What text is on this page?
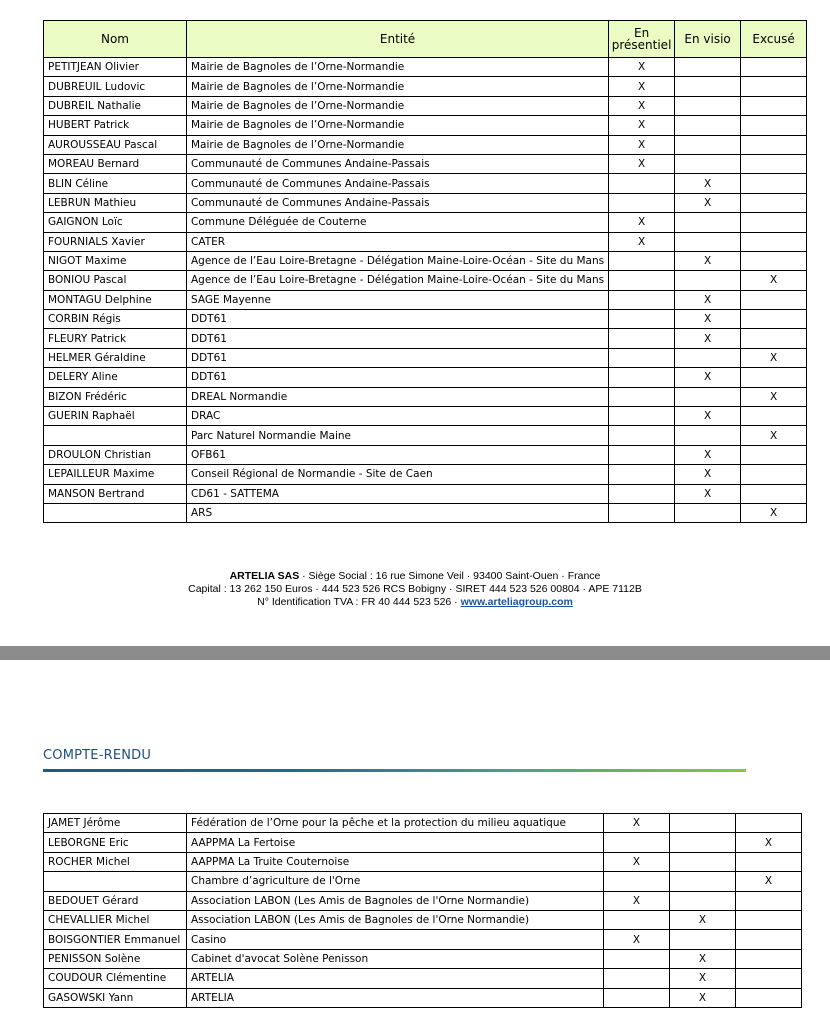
Nom	Entité	En présentiel	En visio	Excusé
PETITJEAN Olivier	Mairie de Bagnoles de l’Orne-Normandie	X		
DUBREUIL Ludovic	Mairie de Bagnoles de l’Orne-Normandie	X		
DUBREIL Nathalie	Mairie de Bagnoles de l’Orne-Normandie	X		
HUBERT Patrick	Mairie de Bagnoles de l’Orne-Normandie	X		
AUROUSSEAU Pascal	Mairie de Bagnoles de l’Orne-Normandie	X		
MOREAU Bernard	Communauté de Communes Andaine-Passais	X		
BLIN Céline	Communauté de Communes Andaine-Passais		X	
LEBRUN Mathieu	Communauté de Communes Andaine-Passais		X	
GAIGNON Loïc	Commune Déléguée de Couterne	X		
FOURNIALS Xavier	CATER	X		
NIGOT Maxime	Agence de l’Eau Loire-Bretagne - Délégation Maine-Loire-Océan - Site du Mans		X	
BONIOU Pascal	Agence de l’Eau Loire-Bretagne - Délégation Maine-Loire-Océan - Site du Mans			X
MONTAGU Delphine	SAGE Mayenne		X	
CORBIN Régis	DDT61		X	
FLEURY Patrick	DDT61		X	
HELMER Géraldine	DDT61			X
DELERY Aline	DDT61		X	
BIZON Frédéric	DREAL Normandie			X
GUERIN Raphaël	DRAC		X	
	Parc Naturel Normandie Maine			X
DROULON Christian	OFB61		X	
LEPAILLEUR Maxime	Conseil Régional de Normandie - Site de Caen		X	
MANSON Bertrand	CD61 - SATTEMA		X	
	ARS			X
ARTELIA SAS · Siège Social : 16 rue Simone Veil · 93400 Saint-Ouen · France
Capital : 13 262 150 Euros · 444 523 526 RCS Bobigny · SIRET 444 523 526 00804 · APE 7112B
N° Identification TVA : FR 40 444 523 526 · www.arteliagroup.com
COMPTE-RENDU
JAMET Jérôme	Fédération de l’Orne pour la pêche et la protection du milieu aquatique	X		
LEBORGNE Eric	AAPPMA La Fertoise			X
ROCHER Michel	AAPPMA La Truite Couternoise	X		
	Chambre d’agriculture de l'Orne			X
BEDOUET Gérard	Association LABON (Les Amis de Bagnoles de l'Orne Normandie)	X		
CHEVALLIER Michel	Association LABON (Les Amis de Bagnoles de l'Orne Normandie)		X	
BOISGONTIER Emmanuel	Casino	X		
PENISSON Solène	Cabinet d'avocat Solène Penisson		X	
COUDOUR Clémentine	ARTELIA		X	
GASOWSKI Yann	ARTELIA		X	
